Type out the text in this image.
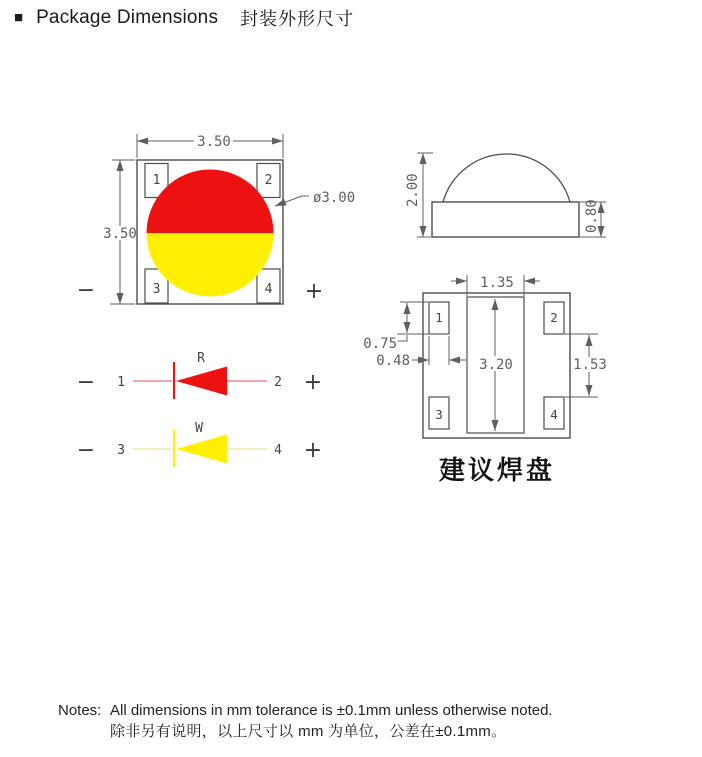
■ Package Dimensions 封装外形尺寸
3.50
3.50
1	2
3	4
ø3.00
−	+
2.00
0.80
− 1
R
2 +
− 3
W
4 +
1	2
3	4
1.35
3.20
0.75
0.48	1.53
建议焊盘
Notes: All dimensions in mm tolerance is ±0.1mm unless otherwise noted.
除非另有说明，以上尺寸以 mm 为单位，公差在±0.1mm。
